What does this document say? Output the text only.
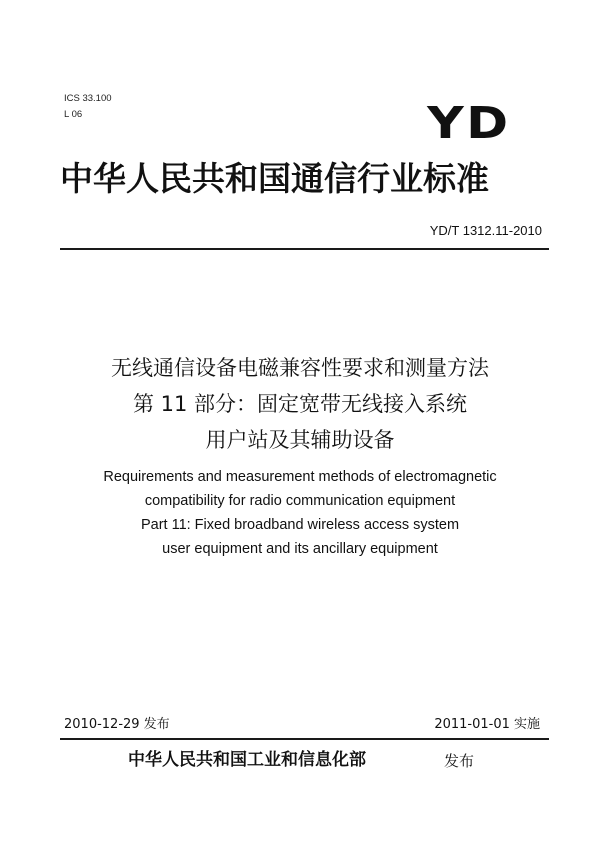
ICS 33.100
L 06	YD
中华人民共和国通信行业标准
YD/T 1312.11-2010
无线通信设备电磁兼容性要求和测量方法
第 11 部分：固定宽带无线接入系统
用户站及其辅助设备
Requirements and measurement methods of electromagnetic
compatibility for radio communication equipment
Part 11: Fixed broadband wireless access system
user equipment and its ancillary equipment
2010-12-29 发布	2011-01-01 实施
中华人民共和国工业和信息化部	发布
